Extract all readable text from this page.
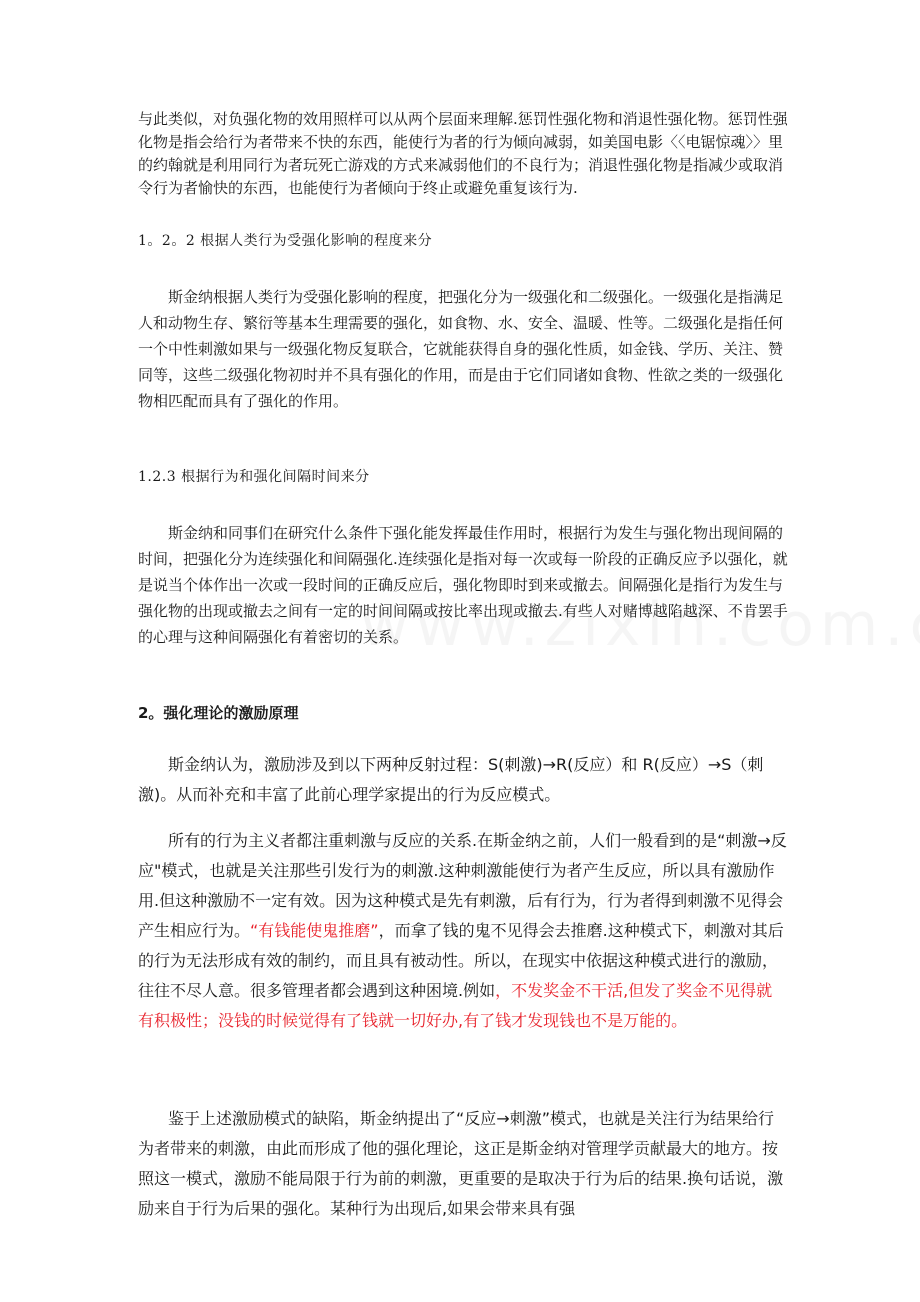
与此类似，对负强化物的效用照样可以从两个层面来理解.惩罚性强化物和消退性强化物。惩罚性强化物是指会给行为者带来不快的东西，能使行为者的行为倾向减弱，如美国电影〈〈电锯惊魂〉〉里的约翰就是利用同行为者玩死亡游戏的方式来减弱他们的不良行为；消退性强化物是指减少或取消令行为者愉快的东西，也能使行为者倾向于终止或避免重复该行为.

1。2。2 根据人类行为受强化影响的程度来分

斯金纳根据人类行为受强化影响的程度，把强化分为一级强化和二级强化。一级强化是指满足人和动物生存、繁衍等基本生理需要的强化，如食物、水、安全、温暖、性等。二级强化是指任何一个中性刺激如果与一级强化物反复联合，它就能获得自身的强化性质，如金钱、学历、关注、赞同等，这些二级强化物初时并不具有强化的作用，而是由于它们同诸如食物、性欲之类的一级强化物相匹配而具有了强化的作用。

1.2.3 根据行为和强化间隔时间来分

斯金纳和同事们在研究什么条件下强化能发挥最佳作用时，根据行为发生与强化物出现间隔的时间，把强化分为连续强化和间隔强化.连续强化是指对每一次或每一阶段的正确反应予以强化，就是说当个体作出一次或一段时间的正确反应后，强化物即时到来或撤去。间隔强化是指行为发生与强化物的出现或撤去之间有一定的时间间隔或按比率出现或撤去.有些人对赌博越陷越深、不肯罢手的心理与这种间隔强化有着密切的关系。

2。强化理论的激励原理

斯金纳认为，激励涉及到以下两种反射过程：S(刺激)→R(反应）和 R(反应）→S（刺激)。从而补充和丰富了此前心理学家提出的行为反应模式。

所有的行为主义者都注重刺激与反应的关系.在斯金纳之前，人们一般看到的是“刺激→反应"模式，也就是关注那些引发行为的刺激.这种刺激能使行为者产生反应，所以具有激励作用.但这种激励不一定有效。因为这种模式是先有刺激，后有行为，行为者得到刺激不见得会产生相应行为。“有钱能使鬼推磨”，而拿了钱的鬼不见得会去推磨.这种模式下，刺激对其后的行为无法形成有效的制约，而且具有被动性。所以，在现实中依据这种模式进行的激励，往往不尽人意。很多管理者都会遇到这种困境.例如，不发奖金不干活,但发了奖金不见得就有积极性；没钱的时候觉得有了钱就一切好办,有了钱才发现钱也不是万能的。

鉴于上述激励模式的缺陷，斯金纳提出了“反应→刺激”模式，也就是关注行为结果给行为者带来的刺激，由此而形成了他的强化理论，这正是斯金纳对管理学贡献最大的地方。按照这一模式，激励不能局限于行为前的刺激，更重要的是取决于行为后的结果.换句话说，激励来自于行为后果的强化。某种行为出现后,如果会带来具有强
